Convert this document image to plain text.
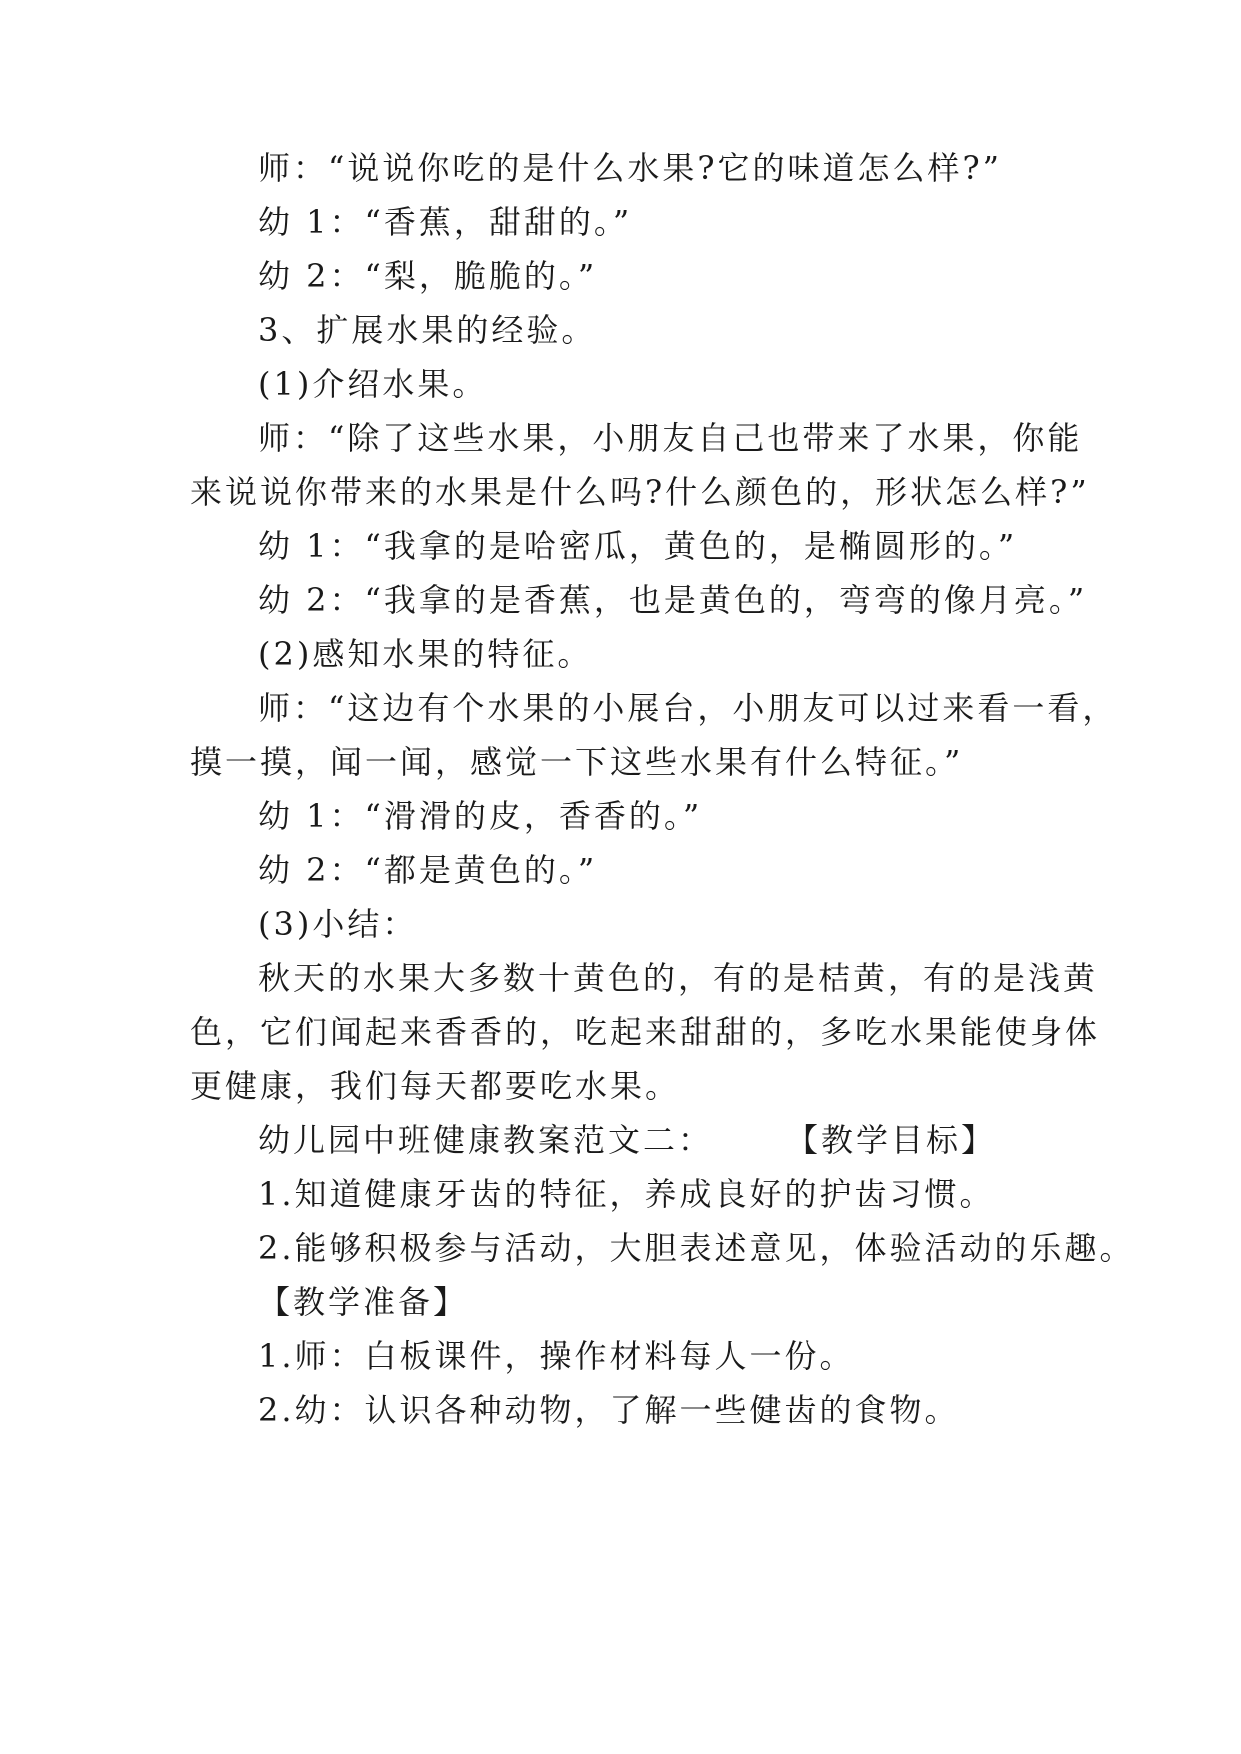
师：“说说你吃的是什么水果?它的味道怎么样?”
幼 1：“香蕉，甜甜的。”
幼 2：“梨，脆脆的。”
3、扩展水果的经验。
(1)介绍水果。
师：“除了这些水果，小朋友自己也带来了水果，你能
来说说你带来的水果是什么吗?什么颜色的，形状怎么样?”
幼 1：“我拿的是哈密瓜，黄色的，是椭圆形的。”
幼 2：“我拿的是香蕉，也是黄色的，弯弯的像月亮。”
(2)感知水果的特征。
师：“这边有个水果的小展台，小朋友可以过来看一看，
摸一摸，闻一闻，感觉一下这些水果有什么特征。”
幼 1：“滑滑的皮，香香的。”
幼 2：“都是黄色的。”
(3)小结：
秋天的水果大多数十黄色的，有的是桔黄，有的是浅黄
色，它们闻起来香香的，吃起来甜甜的，多吃水果能使身体
更健康，我们每天都要吃水果。
幼儿园中班健康教案范文二：　　　【教学目标】
1.知道健康牙齿的特征，养成良好的护齿习惯。
2.能够积极参与活动，大胆表述意见，体验活动的乐趣。
【教学准备】
1.师：白板课件，操作材料每人一份。
2.幼：认识各种动物，了解一些健齿的食物。
